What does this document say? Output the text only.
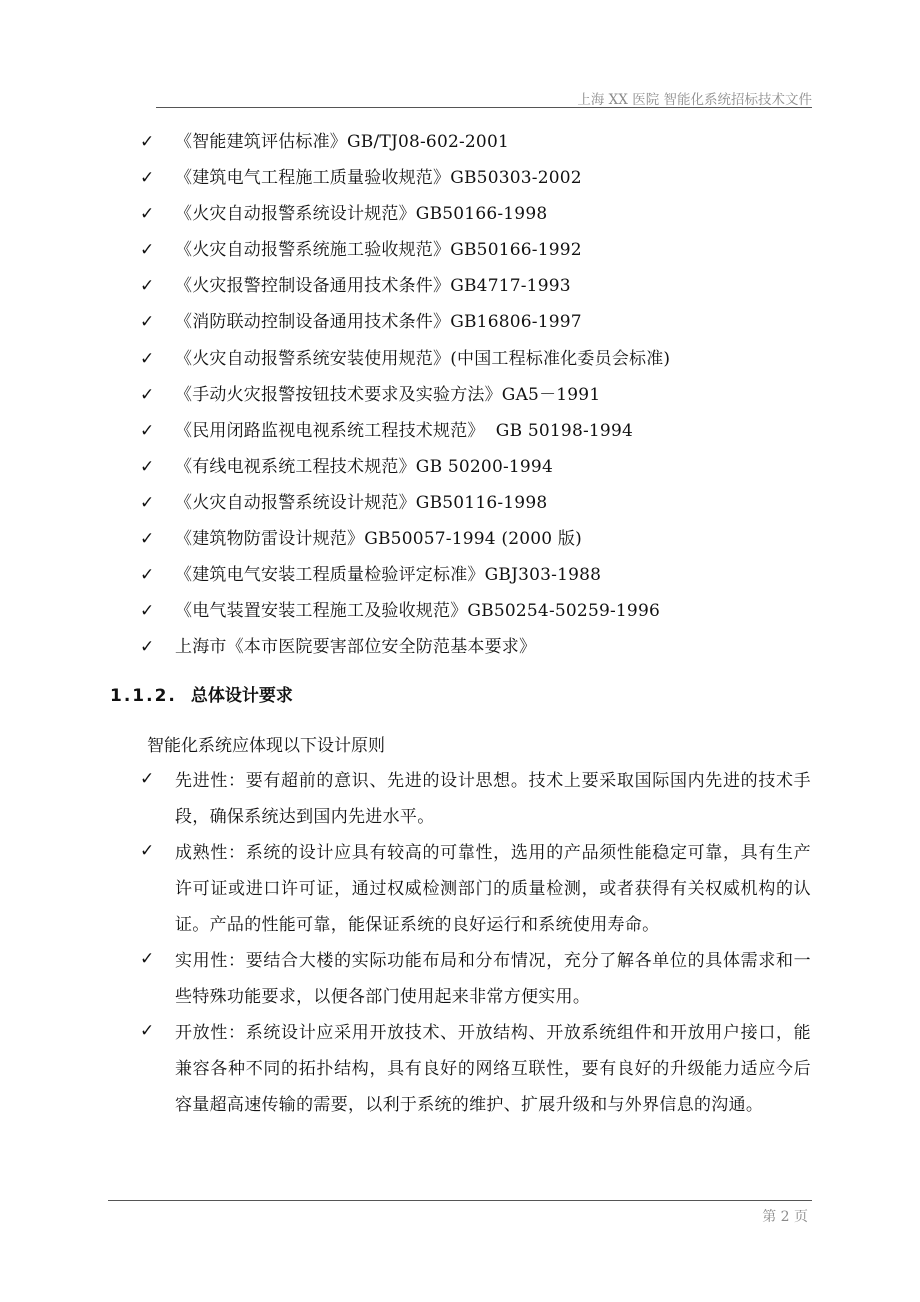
上海 XX 医院 智能化系统招标技术文件
✓ 《智能建筑评估标准》GB/TJ08-602-2001
✓ 《建筑电气工程施工质量验收规范》GB50303-2002
✓ 《火灾自动报警系统设计规范》GB50166-1998
✓ 《火灾自动报警系统施工验收规范》GB50166-1992
✓ 《火灾报警控制设备通用技术条件》GB4717-1993
✓ 《消防联动控制设备通用技术条件》GB16806-1997
✓ 《火灾自动报警系统安装使用规范》(中国工程标准化委员会标准)
✓ 《手动火灾报警按钮技术要求及实验方法》GA5－1991
✓ 《民用闭路监视电视系统工程技术规范》  GB 50198-1994
✓ 《有线电视系统工程技术规范》GB 50200-1994
✓ 《火灾自动报警系统设计规范》GB50116-1998
✓ 《建筑物防雷设计规范》GB50057-1994 (2000 版)
✓ 《建筑电气安装工程质量检验评定标准》GBJ303-1988
✓ 《电气装置安装工程施工及验收规范》GB50254-50259-1996
✓ 上海市《本市医院要害部位安全防范基本要求》
1.1.2. 总体设计要求
智能化系统应体现以下设计原则
✓ 先进性：要有超前的意识、先进的设计思想。技术上要采取国际国内先进的技术手段，确保系统达到国内先进水平。
✓ 成熟性：系统的设计应具有较高的可靠性，选用的产品须性能稳定可靠，具有生产许可证或进口许可证，通过权威检测部门的质量检测，或者获得有关权威机构的认证。产品的性能可靠，能保证系统的良好运行和系统使用寿命。
✓ 实用性：要结合大楼的实际功能布局和分布情况，充分了解各单位的具体需求和一些特殊功能要求，以便各部门使用起来非常方便实用。
✓ 开放性：系统设计应采用开放技术、开放结构、开放系统组件和开放用户接口，能兼容各种不同的拓扑结构，具有良好的网络互联性，要有良好的升级能力适应今后容量超高速传输的需要，以利于系统的维护、扩展升级和与外界信息的沟通。
第 2 页
